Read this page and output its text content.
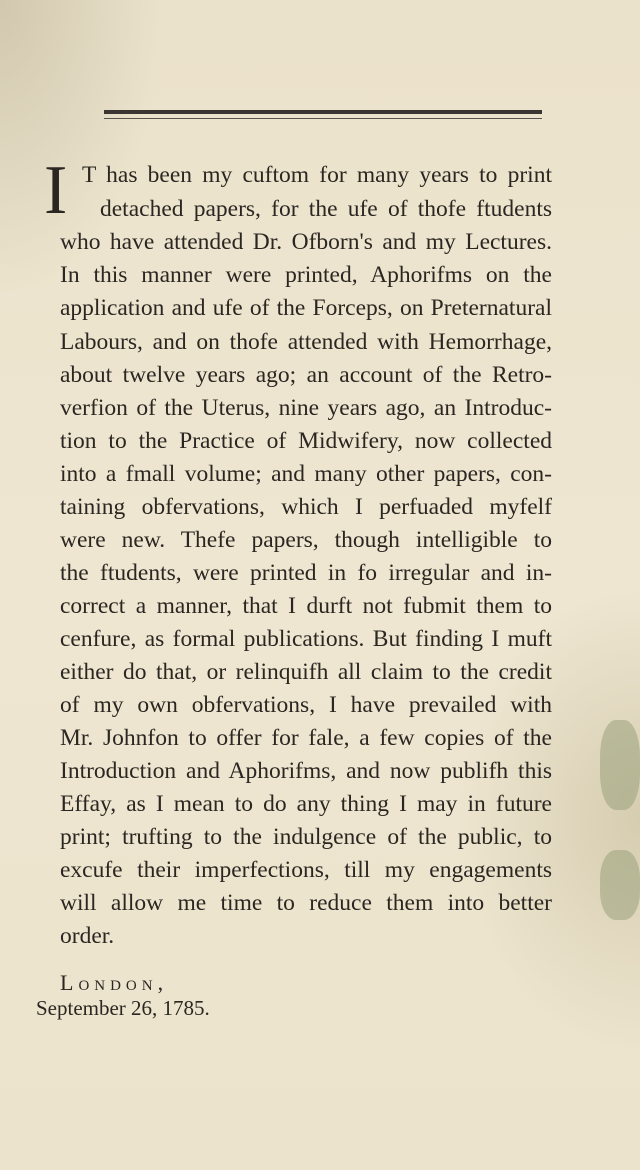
I T has been my cuftom for many years to print
detached papers, for the ufe of thofe ftudents
who have attended Dr. Ofborn's and my Lectures.
In this manner were printed, Aphorifms on the
application and ufe of the Forceps, on Preternatural
Labours, and on thofe attended with Hemorrhage,
about twelve years ago; an account of the Retro-
verfion of the Uterus, nine years ago, an Introduc-
tion to the Practice of Midwifery, now collected
into a fmall volume; and many other papers, con-
taining obfervations, which I perfuaded myfelf
were new. Thefe papers, though intelligible to
the ftudents, were printed in fo irregular and in-
correct a manner, that I durft not fubmit them to
cenfure, as formal publications. But finding I muft
either do that, or relinquifh all claim to the credit
of my own obfervations, I have prevailed with
Mr. Johnfon to offer for fale, a few copies of the
Introduction and Aphorifms, and now publifh this
Effay, as I mean to do any thing I may in future
print; trufting to the indulgence of the public, to
excufe their imperfections, till my engagements
will allow me time to reduce them into better
order.
London,
September 26, 1785.
